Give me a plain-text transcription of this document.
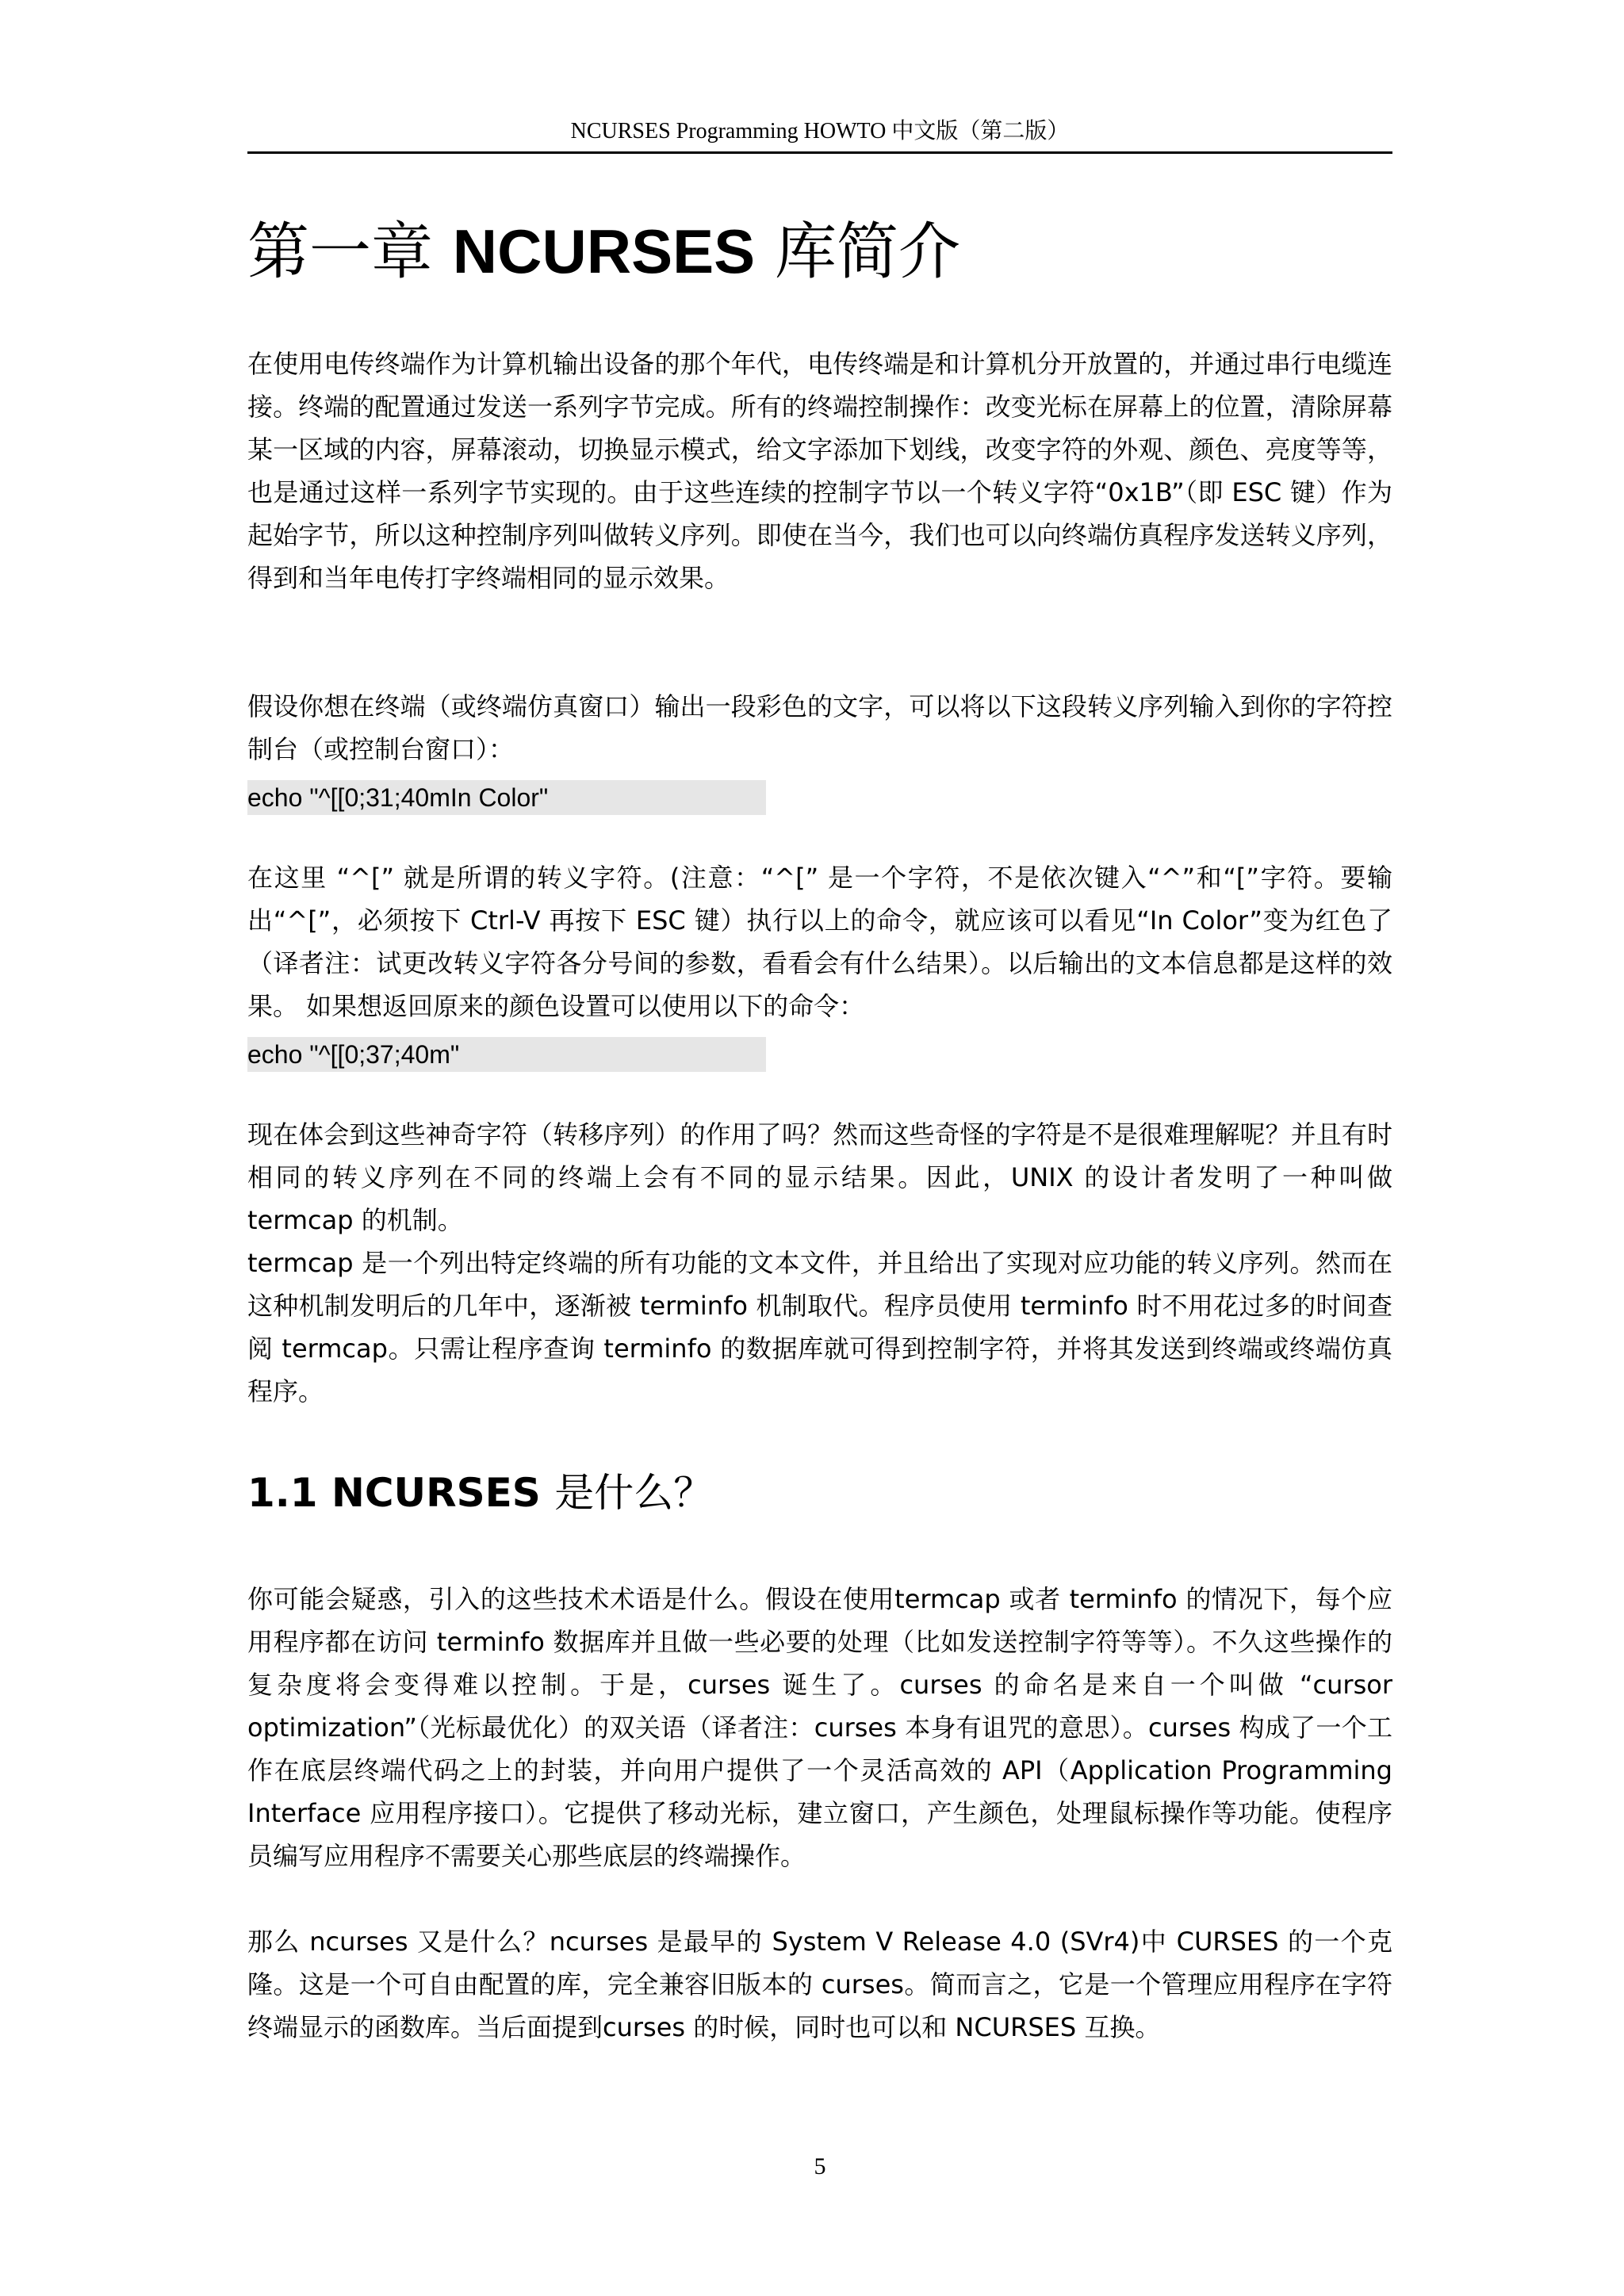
NCURSES Programming HOWTO 中文版（第二版）
第一章 NCURSES 库简介

在使用电传终端作为计算机输出设备的那个年代，电传终端是和计算机分开放置的，并通过串行电缆连接。终端的配置通过发送一系列字节完成。所有的终端控制操作：改变光标在屏幕上的位置，清除屏幕某一区域的内容，屏幕滚动，切换显示模式，给文字添加下划线，改变字符的外观、颜色、亮度等等，也是通过这样一系列字节实现的。由于这些连续的控制字节以一个转义字符“0x1B”（即 ESC 键）作为起始字节，所以这种控制序列叫做转义序列。即使在当今，我们也可以向终端仿真程序发送转义序列，得到和当年电传打字终端相同的显示效果。

假设你想在终端（或终端仿真窗口）输出一段彩色的文字，可以将以下这段转义序列输入到你的字符控制台（或控制台窗口）：

echo "^[[0;31;40mIn Color"

在这里 “^[” 就是所谓的转义字符。(注意：“^[” 是一个字符，不是依次键入“^”和“[”字符。要输出“^[”，必须按下 Ctrl-V 再按下 ESC 键）执行以上的命令，就应该可以看见“In Color”变为红色了（译者注：试更改转义字符各分号间的参数，看看会有什么结果）。以后输出的文本信息都是这样的效果。 如果想返回原来的颜色设置可以使用以下的命令：

echo "^[[0;37;40m"

现在体会到这些神奇字符（转移序列）的作用了吗？然而这些奇怪的字符是不是很难理解呢？并且有时相同的转义序列在不同的终端上会有不同的显示结果。因此，UNIX 的设计者发明了一种叫做 termcap 的机制。

termcap 是一个列出特定终端的所有功能的文本文件，并且给出了实现对应功能的转义序列。然而在这种机制发明后的几年中，逐渐被 terminfo 机制取代。程序员使用 terminfo 时不用花过多的时间查阅 termcap。只需让程序查询 terminfo 的数据库就可得到控制字符，并将其发送到终端或终端仿真程序。

1.1 NCURSES 是什么？

你可能会疑惑，引入的这些技术术语是什么。假设在使用termcap 或者 terminfo 的情况下，每个应用程序都在访问 terminfo 数据库并且做一些必要的处理（比如发送控制字符等等）。不久这些操作的复杂度将会变得难以控制。于是，curses 诞生了。curses 的命名是来自一个叫做 “cursor optimization”（光标最优化）的双关语（译者注：curses 本身有诅咒的意思）。curses 构成了一个工作在底层终端代码之上的封装，并向用户提供了一个灵活高效的 API（Application Programming Interface 应用程序接口）。它提供了移动光标，建立窗口，产生颜色，处理鼠标操作等功能。使程序员编写应用程序不需要关心那些底层的终端操作。

那么 ncurses 又是什么？ncurses 是最早的 System V Release 4.0 (SVr4)中 CURSES 的一个克隆。这是一个可自由配置的库，完全兼容旧版本的 curses。简而言之，它是一个管理应用程序在字符终端显示的函数库。当后面提到curses 的时候，同时也可以和 NCURSES 互换。

5
